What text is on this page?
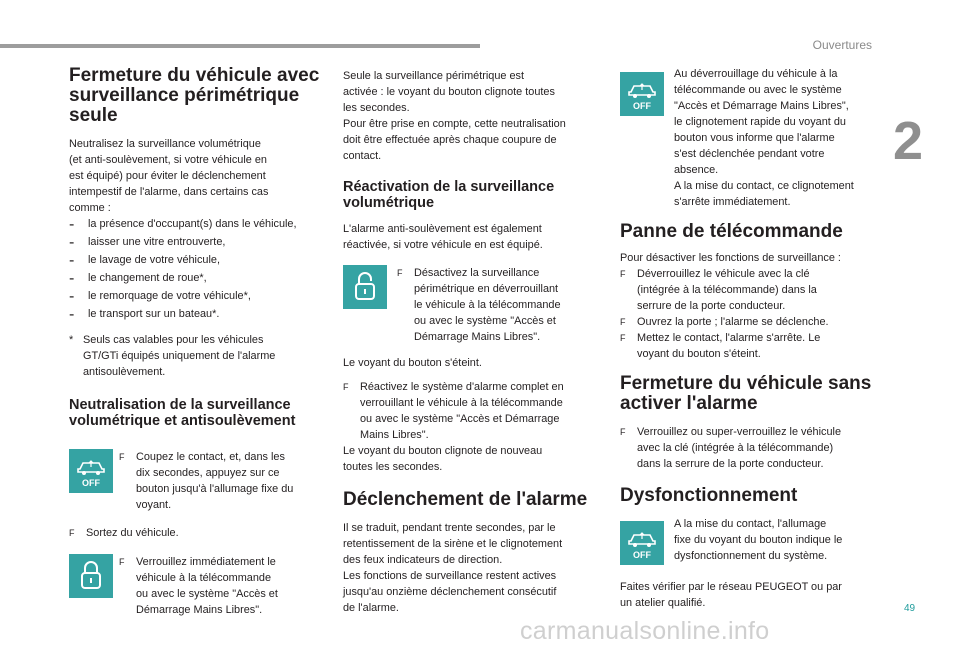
Ouvertures
2
Fermeture du véhicule avec surveillance périmétrique seule

Neutralisez la surveillance volumétrique

(et anti-soulèvement, si votre véhicule en

est équipé) pour éviter le déclenchement

intempestif de l'alarme, dans certains cas

comme :

-	la présence d'occupant(s) dans le véhicule,

-	laisser une vitre entrouverte,

-	le lavage de votre véhicule,

-	le changement de roue*,

-	le remorquage de votre véhicule*,

-	le transport sur un bateau*.

* Seuls cas valables pour les véhicules

GT/GTi équipés uniquement de l'alarme

antisoulèvement.

Neutralisation de la surveillance volumétrique et antisoulèvement
OFF
F	Coupez le contact, et, dans les

dix secondes, appuyez sur ce

bouton jusqu'à l'allumage fixe du

voyant.

F	Sortez du véhicule.

F	Verrouillez immédiatement le

véhicule à la télécommande

ou avec le système "Accès et

Démarrage Mains Libres".

Seule la surveillance périmétrique est

activée : le voyant du bouton clignote toutes

les secondes.

Pour être prise en compte, cette neutralisation

doit être effectuée après chaque coupure de

contact.

Réactivation de la surveillance volumétrique

L'alarme anti-soulèvement est également

réactivée, si votre véhicule en est équipé.

F	Désactivez la surveillance

périmétrique en déverrouillant

le véhicule à la télécommande

ou avec le système "Accès et

Démarrage Mains Libres".

Le voyant du bouton s'éteint.

F	Réactivez le système d'alarme complet en

verrouillant le véhicule à la télécommande

ou avec le système "Accès et Démarrage

Mains Libres".

Le voyant du bouton clignote de nouveau

toutes les secondes.

Déclenchement de l'alarme

Il se traduit, pendant trente secondes, par le

retentissement de la sirène et le clignotement

des feux indicateurs de direction.

Les fonctions de surveillance restent actives

jusqu'au onzième déclenchement consécutif

de l'alarme.

OFF

Au déverrouillage du véhicule à la

télécommande ou avec le système

"Accès et Démarrage Mains Libres",

le clignotement rapide du voyant du

bouton vous informe que l'alarme

s'est déclenchée pendant votre

absence.

A la mise du contact, ce clignotement

s'arrête immédiatement.

Panne de télécommande

Pour désactiver les fonctions de surveillance :

F	Déverrouillez le véhicule avec la clé

(intégrée à la télécommande) dans la

serrure de la porte conducteur.

F	Ouvrez la porte ; l'alarme se déclenche.

F	Mettez le contact, l'alarme s'arrête. Le

voyant du bouton s'éteint.

Fermeture du véhicule sans activer l'alarme
F	Verrouillez ou super-verrouillez le véhicule

avec la clé (intégrée à la télécommande)

dans la serrure de la porte conducteur.

Dysfonctionnement
OFF

A la mise du contact, l'allumage

fixe du voyant du bouton indique le

dysfonctionnement du système.

Faites vérifier par le réseau PEUGEOT ou par

un atelier qualifié.	49
carmanualsonline.info
